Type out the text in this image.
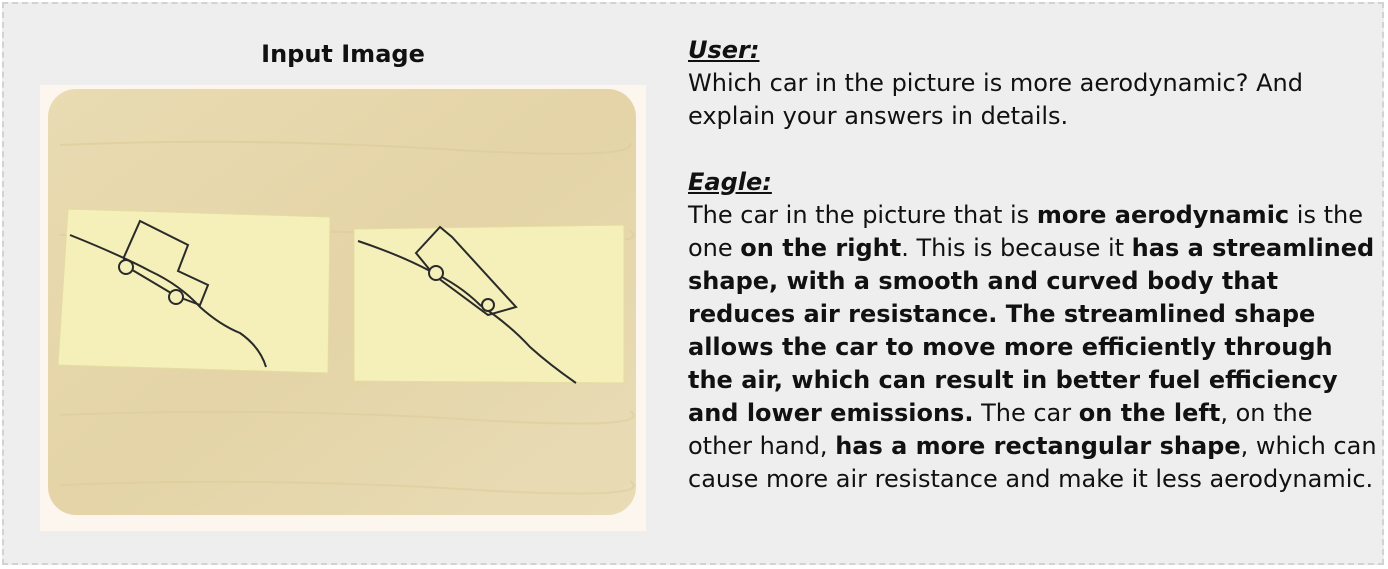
Input Image	User:
Which car in the picture is more aerodynamic? And explain your answers in details.
Eagle:
The car in the picture that is more aerodynamic is the one on the right. This is because it has a streamlined shape, with a smooth and curved body that reduces air resistance. The streamlined shape allows the car to move more efficiently through the air, which can result in better fuel efficiency and lower emissions. The car on the left, on the other hand, has a more rectangular shape, which can cause more air resistance and make it less aerodynamic.
